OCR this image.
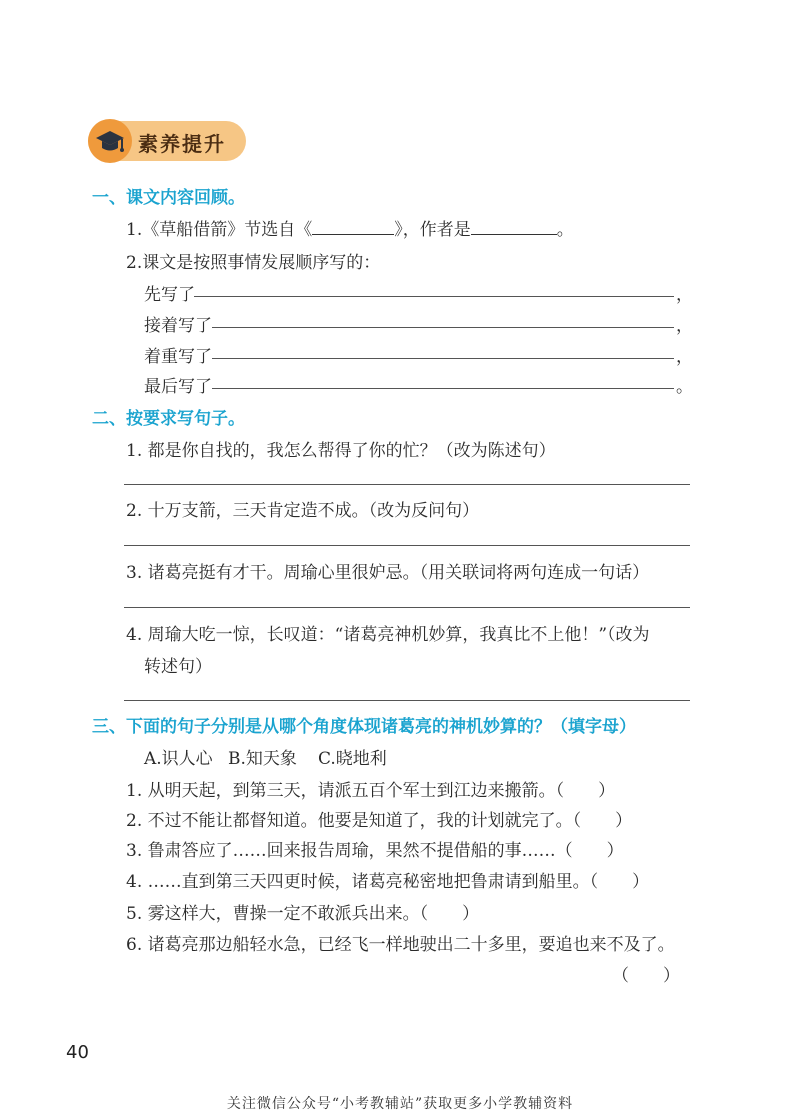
素养提升
一、课文内容回顾。
1.《草船借箭》节选自《	》，作者是	。
2.课文是按照事情发展顺序写的：
先写了	，
接着写了	，
着重写了	，
最后写了	。
二、按要求写句子。
1. 都是你自找的，我怎么帮得了你的忙？（改为陈述句）
2. 十万支箭，三天肯定造不成。（改为反问句）
3. 诸葛亮挺有才干。周瑜心里很妒忌。（用关联词将两句连成一句话）
4. 周瑜大吃一惊，长叹道：“诸葛亮神机妙算，我真比不上他！”（改为
转述句）
三、下面的句子分别是从哪个角度体现诸葛亮的神机妙算的？（填字母）
A.识人心 B.知天象 C.晓地利
1. 从明天起，到第三天，请派五百个军士到江边来搬箭。（　　）
2. 不过不能让都督知道。他要是知道了，我的计划就完了。（　　）
3. 鲁肃答应了……回来报告周瑜，果然不提借船的事……（　　）
4. ……直到第三天四更时候，诸葛亮秘密地把鲁肃请到船里。（　　）
5. 雾这样大，曹操一定不敢派兵出来。（　　）
6. 诸葛亮那边船轻水急，已经飞一样地驶出二十多里，要追也来不及了。
（　　）
40
关注微信公众号“小考教辅站”获取更多小学教辅资料
